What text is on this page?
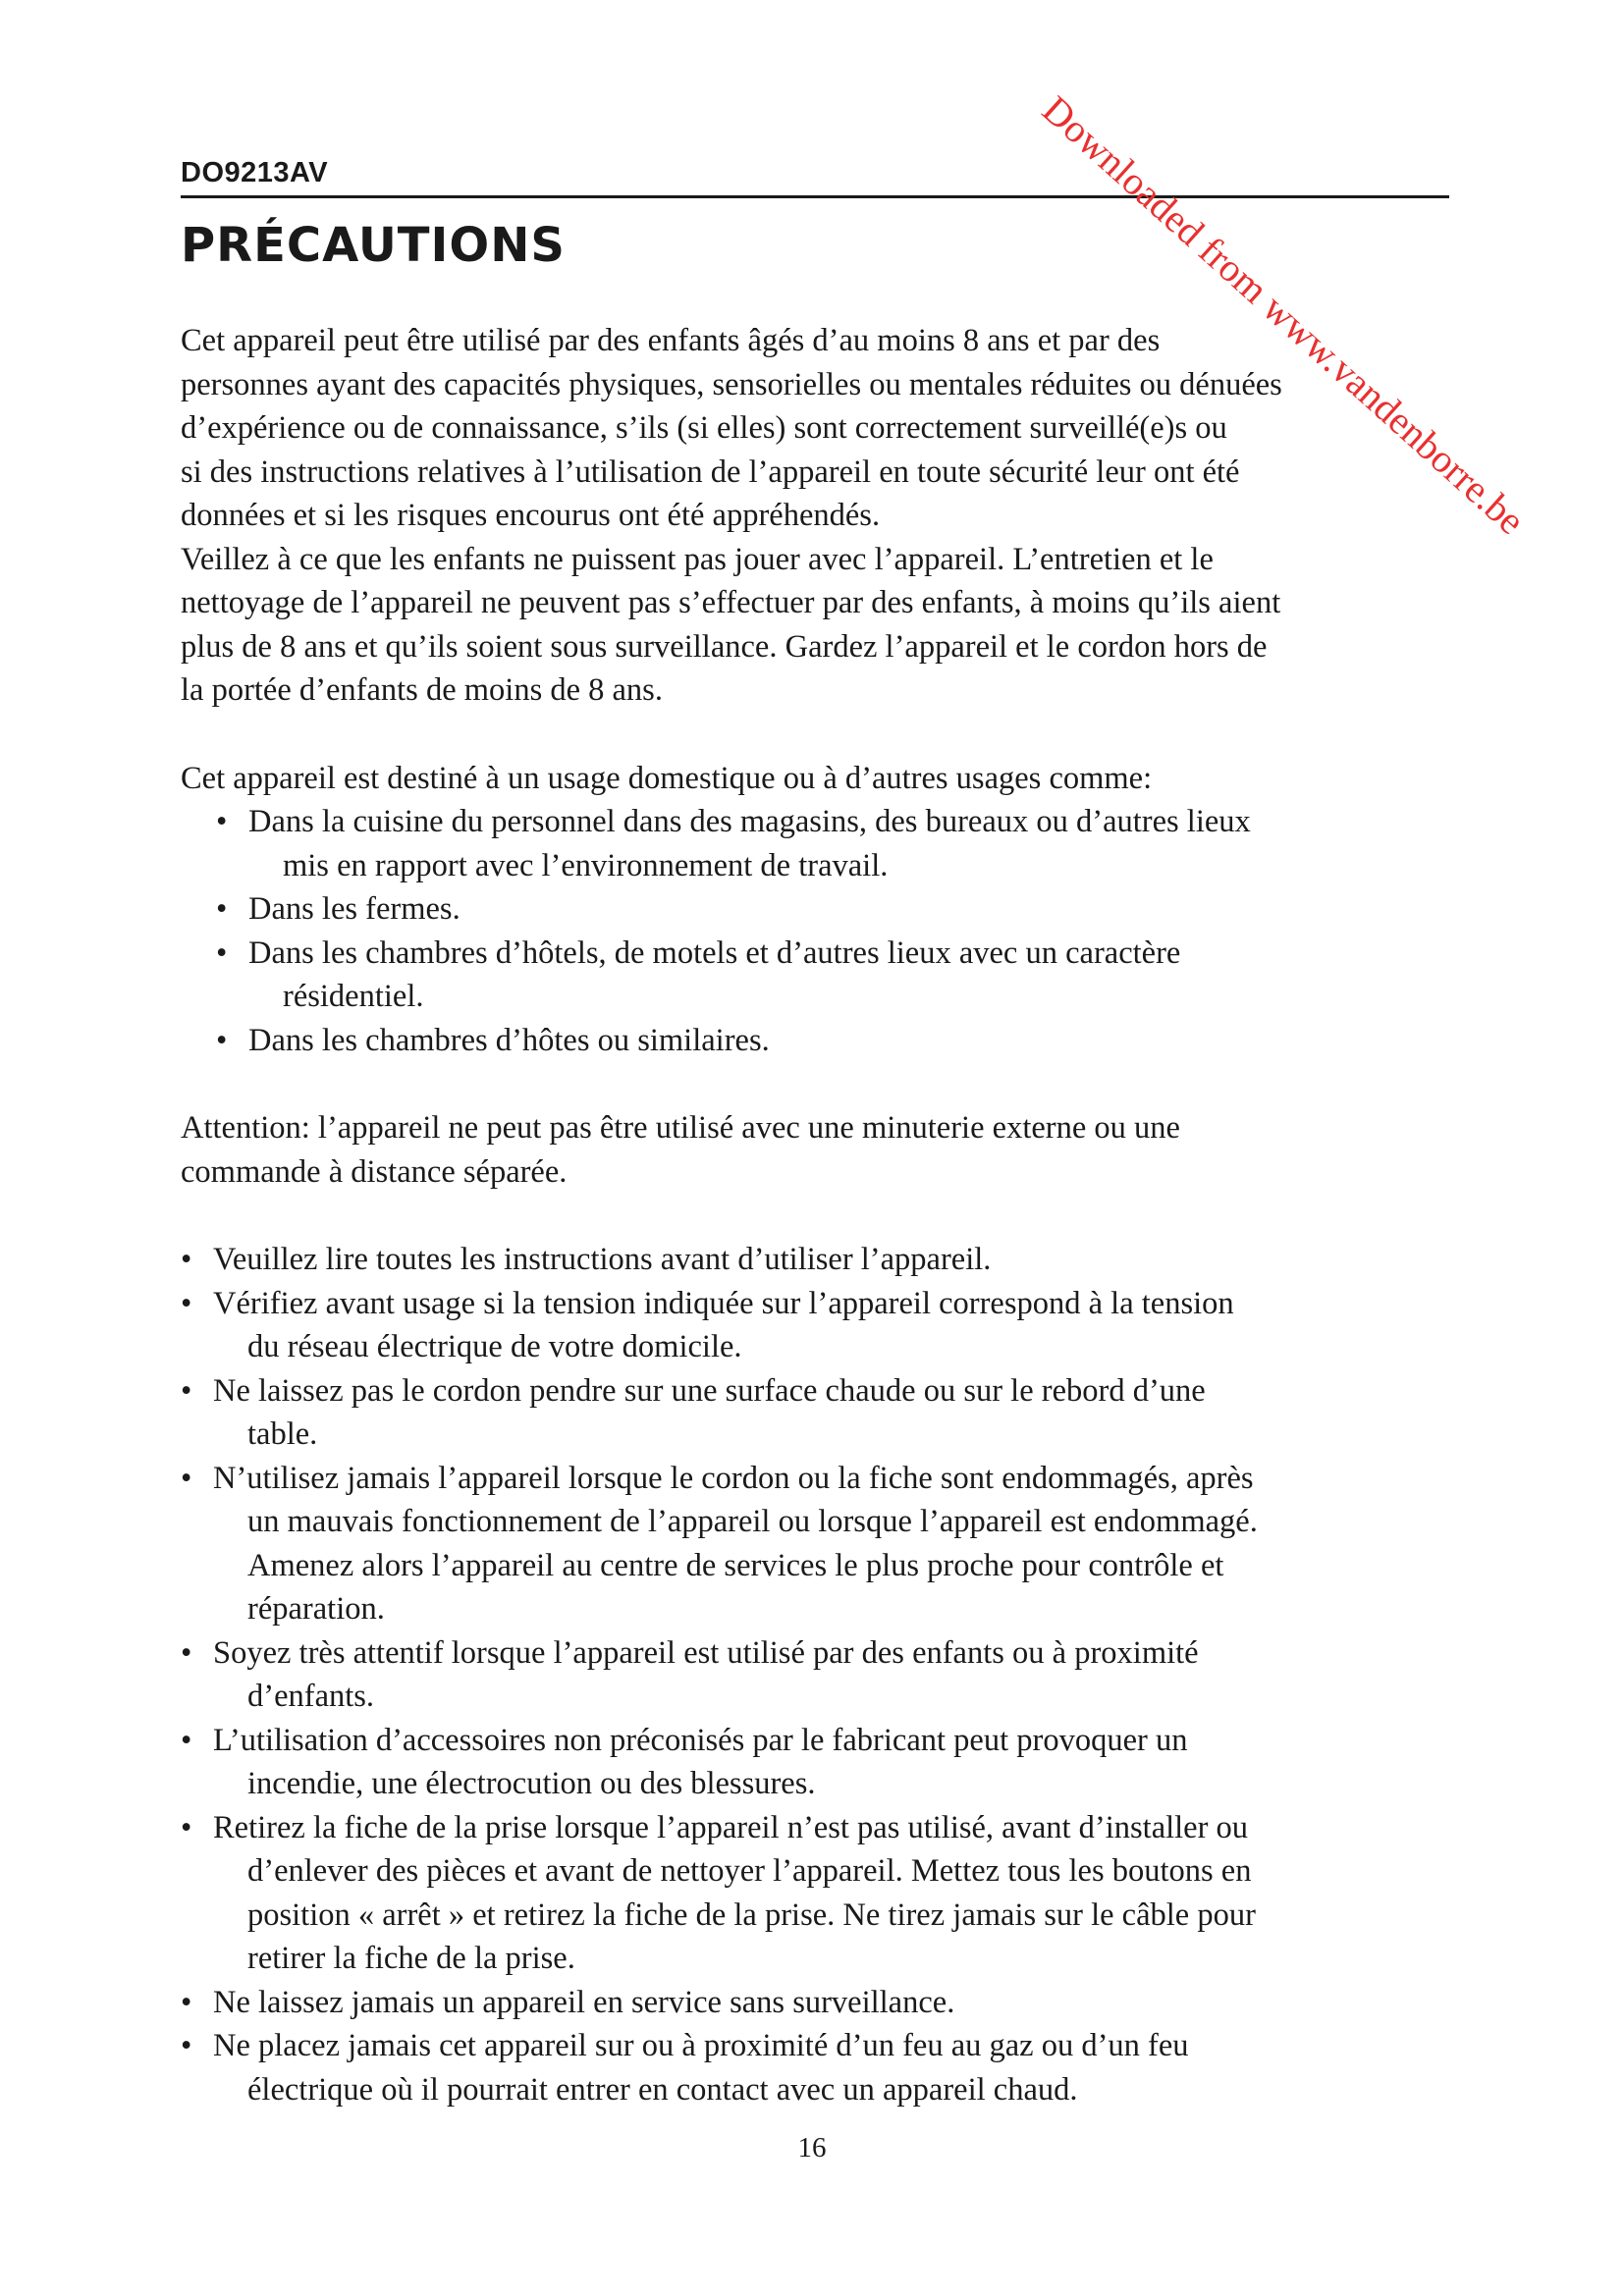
DO9213AV
PRÉCAUTIONS

Cet appareil peut être utilisé par des enfants âgés d’au moins 8 ans et par des

personnes ayant des capacités physiques, sensorielles ou mentales réduites ou dénuées

d’expérience ou de connaissance, s’ils (si elles) sont correctement surveillé(e)s ou

si des instructions relatives à l’utilisation de l’appareil en toute sécurité leur ont été

données et si les risques encourus ont été appréhendés.

Veillez à ce que les enfants ne puissent pas jouer avec l’appareil. L’entretien et le

nettoyage de l’appareil ne peuvent pas s’effectuer par des enfants, à moins qu’ils aient

plus de 8 ans et qu’ils soient sous surveillance. Gardez l’appareil et le cordon hors de

la portée d’enfants de moins de 8 ans.

Cet appareil est destiné à un usage domestique ou à d’autres usages comme:

• Dans la cuisine du personnel dans des magasins, des bureaux ou d’autres lieux
mis en rapport avec l’environnement de travail.
• Dans les fermes.
• Dans les chambres d’hôtels, de motels et d’autres lieux avec un caractère
résidentiel.
• Dans les chambres d’hôtes ou similaires.

Attention: l’appareil ne peut pas être utilisé avec une minuterie externe ou une

commande à distance séparée.

• Veuillez lire toutes les instructions avant d’utiliser l’appareil.
• Vérifiez avant usage si la tension indiquée sur l’appareil correspond à la tension
du réseau électrique de votre domicile.
• Ne laissez pas le cordon pendre sur une surface chaude ou sur le rebord d’une
table.
• N’utilisez jamais l’appareil lorsque le cordon ou la fiche sont endommagés, après
un mauvais fonctionnement de l’appareil ou lorsque l’appareil est endommagé.
Amenez alors l’appareil au centre de services le plus proche pour contrôle et
réparation.
• Soyez très attentif lorsque l’appareil est utilisé par des enfants ou à proximité
d’enfants.
• L’utilisation d’accessoires non préconisés par le fabricant peut provoquer un
incendie, une électrocution ou des blessures.
• Retirez la fiche de la prise lorsque l’appareil n’est pas utilisé, avant d’installer ou
d’enlever des pièces et avant de nettoyer l’appareil. Mettez tous les boutons en
position « arrêt » et retirez la fiche de la prise. Ne tirez jamais sur le câble pour
retirer la fiche de la prise.
• Ne laissez jamais un appareil en service sans surveillance.
• Ne placez jamais cet appareil sur ou à proximité d’un feu au gaz ou d’un feu
électrique où il pourrait entrer en contact avec un appareil chaud.
16
Downloaded from www.vandenborre.be
